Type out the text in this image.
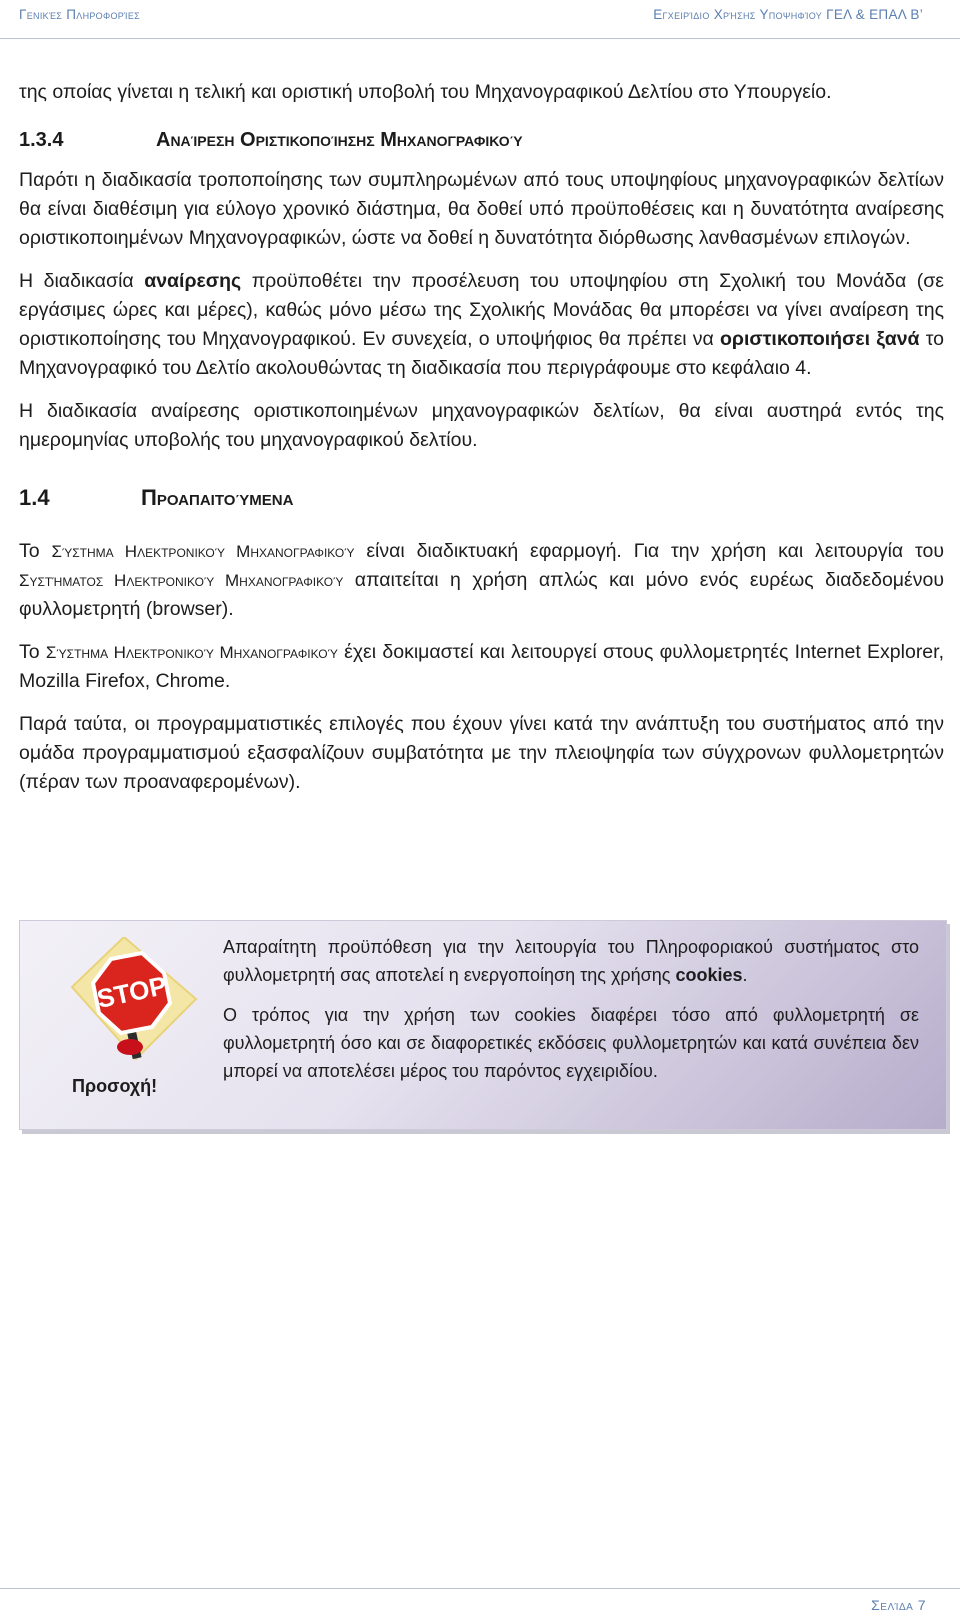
Γενικές Πληροφορίες	Εγχειρίδιο Χρήσης Υποψηφίου ΓΕΛ & ΕΠΑΛ Β’

της οποίας γίνεται η τελική και οριστική υποβολή του Μηχανογραφικού Δελτίου στο Υπουργείο.

1.3.4	Αναίρεση Οριστικοποίησης Μηχανογραφικού

Παρότι η διαδικασία τροποποίησης των συμπληρωμένων από τους υποψηφίους μηχανογραφικών δελτίων θα είναι διαθέσιμη για εύλογο χρονικό διάστημα, θα δοθεί υπό προϋποθέσεις και η δυνατότητα αναίρεσης οριστικοποιημένων Μηχανογραφικών, ώστε να δοθεί η δυνατότητα διόρθωσης λανθασμένων επιλογών.

Η διαδικασία αναίρεσης προϋποθέτει την προσέλευση του υποψηφίου στη Σχολική του Μονάδα (σε εργάσιμες ώρες και μέρες), καθώς μόνο μέσω της Σχολικής Μονάδας θα μπορέσει να γίνει αναίρεση της οριστικοποίησης του Μηχανογραφικού. Εν συνεχεία, ο υποψήφιος θα πρέπει να οριστικοποιήσει ξανά το Μηχανογραφικό του Δελτίο ακολουθώντας τη διαδικασία που περιγράφουμε στο κεφάλαιο 4.

Η διαδικασία αναίρεσης οριστικοποιημένων μηχανογραφικών δελτίων, θα είναι αυστηρά εντός της ημερομηνίας υποβολής του μηχανογραφικού δελτίου.

1.4	Προαπαιτούμενα

Το Σύστημα Ηλεκτρονικού Μηχανογραφικού είναι διαδικτυακή εφαρμογή. Για την χρήση και λειτουργία του Συστήματος Ηλεκτρονικού Μηχανογραφικού απαιτείται η χρήση απλώς και μόνο ενός ευρέως διαδεδομένου φυλλομετρητή (browser).

Το Σύστημα Ηλεκτρονικού Μηχανογραφικού έχει δοκιμαστεί και λειτουργεί στους φυλλομετρητές Internet Explorer, Mozilla Firefox, Chrome.

Παρά ταύτα, οι προγραμματιστικές επιλογές που έχουν γίνει κατά την ανάπτυξη του συστήματος από την ομάδα προγραμματισμού εξασφαλίζουν συμβατότητα με την πλειοψηφία των σύγχρονων φυλλομετρητών (πέραν των προαναφερομένων).

STOP
Προσοχή!

Απαραίτητη προϋπόθεση για την λειτουργία του Πληροφοριακού συστήματος στο φυλλομετρητή σας αποτελεί η ενεργοποίηση της χρήσης cookies.

Ο τρόπος για την χρήση των cookies διαφέρει τόσο από φυλλομετρητή σε φυλλομετρητή όσο και σε διαφορετικές εκδόσεις φυλλομετρητών και κατά συνέπεια δεν μπορεί να αποτελέσει μέρος του παρόντος εγχειριδίου.

Σελίδα 7
